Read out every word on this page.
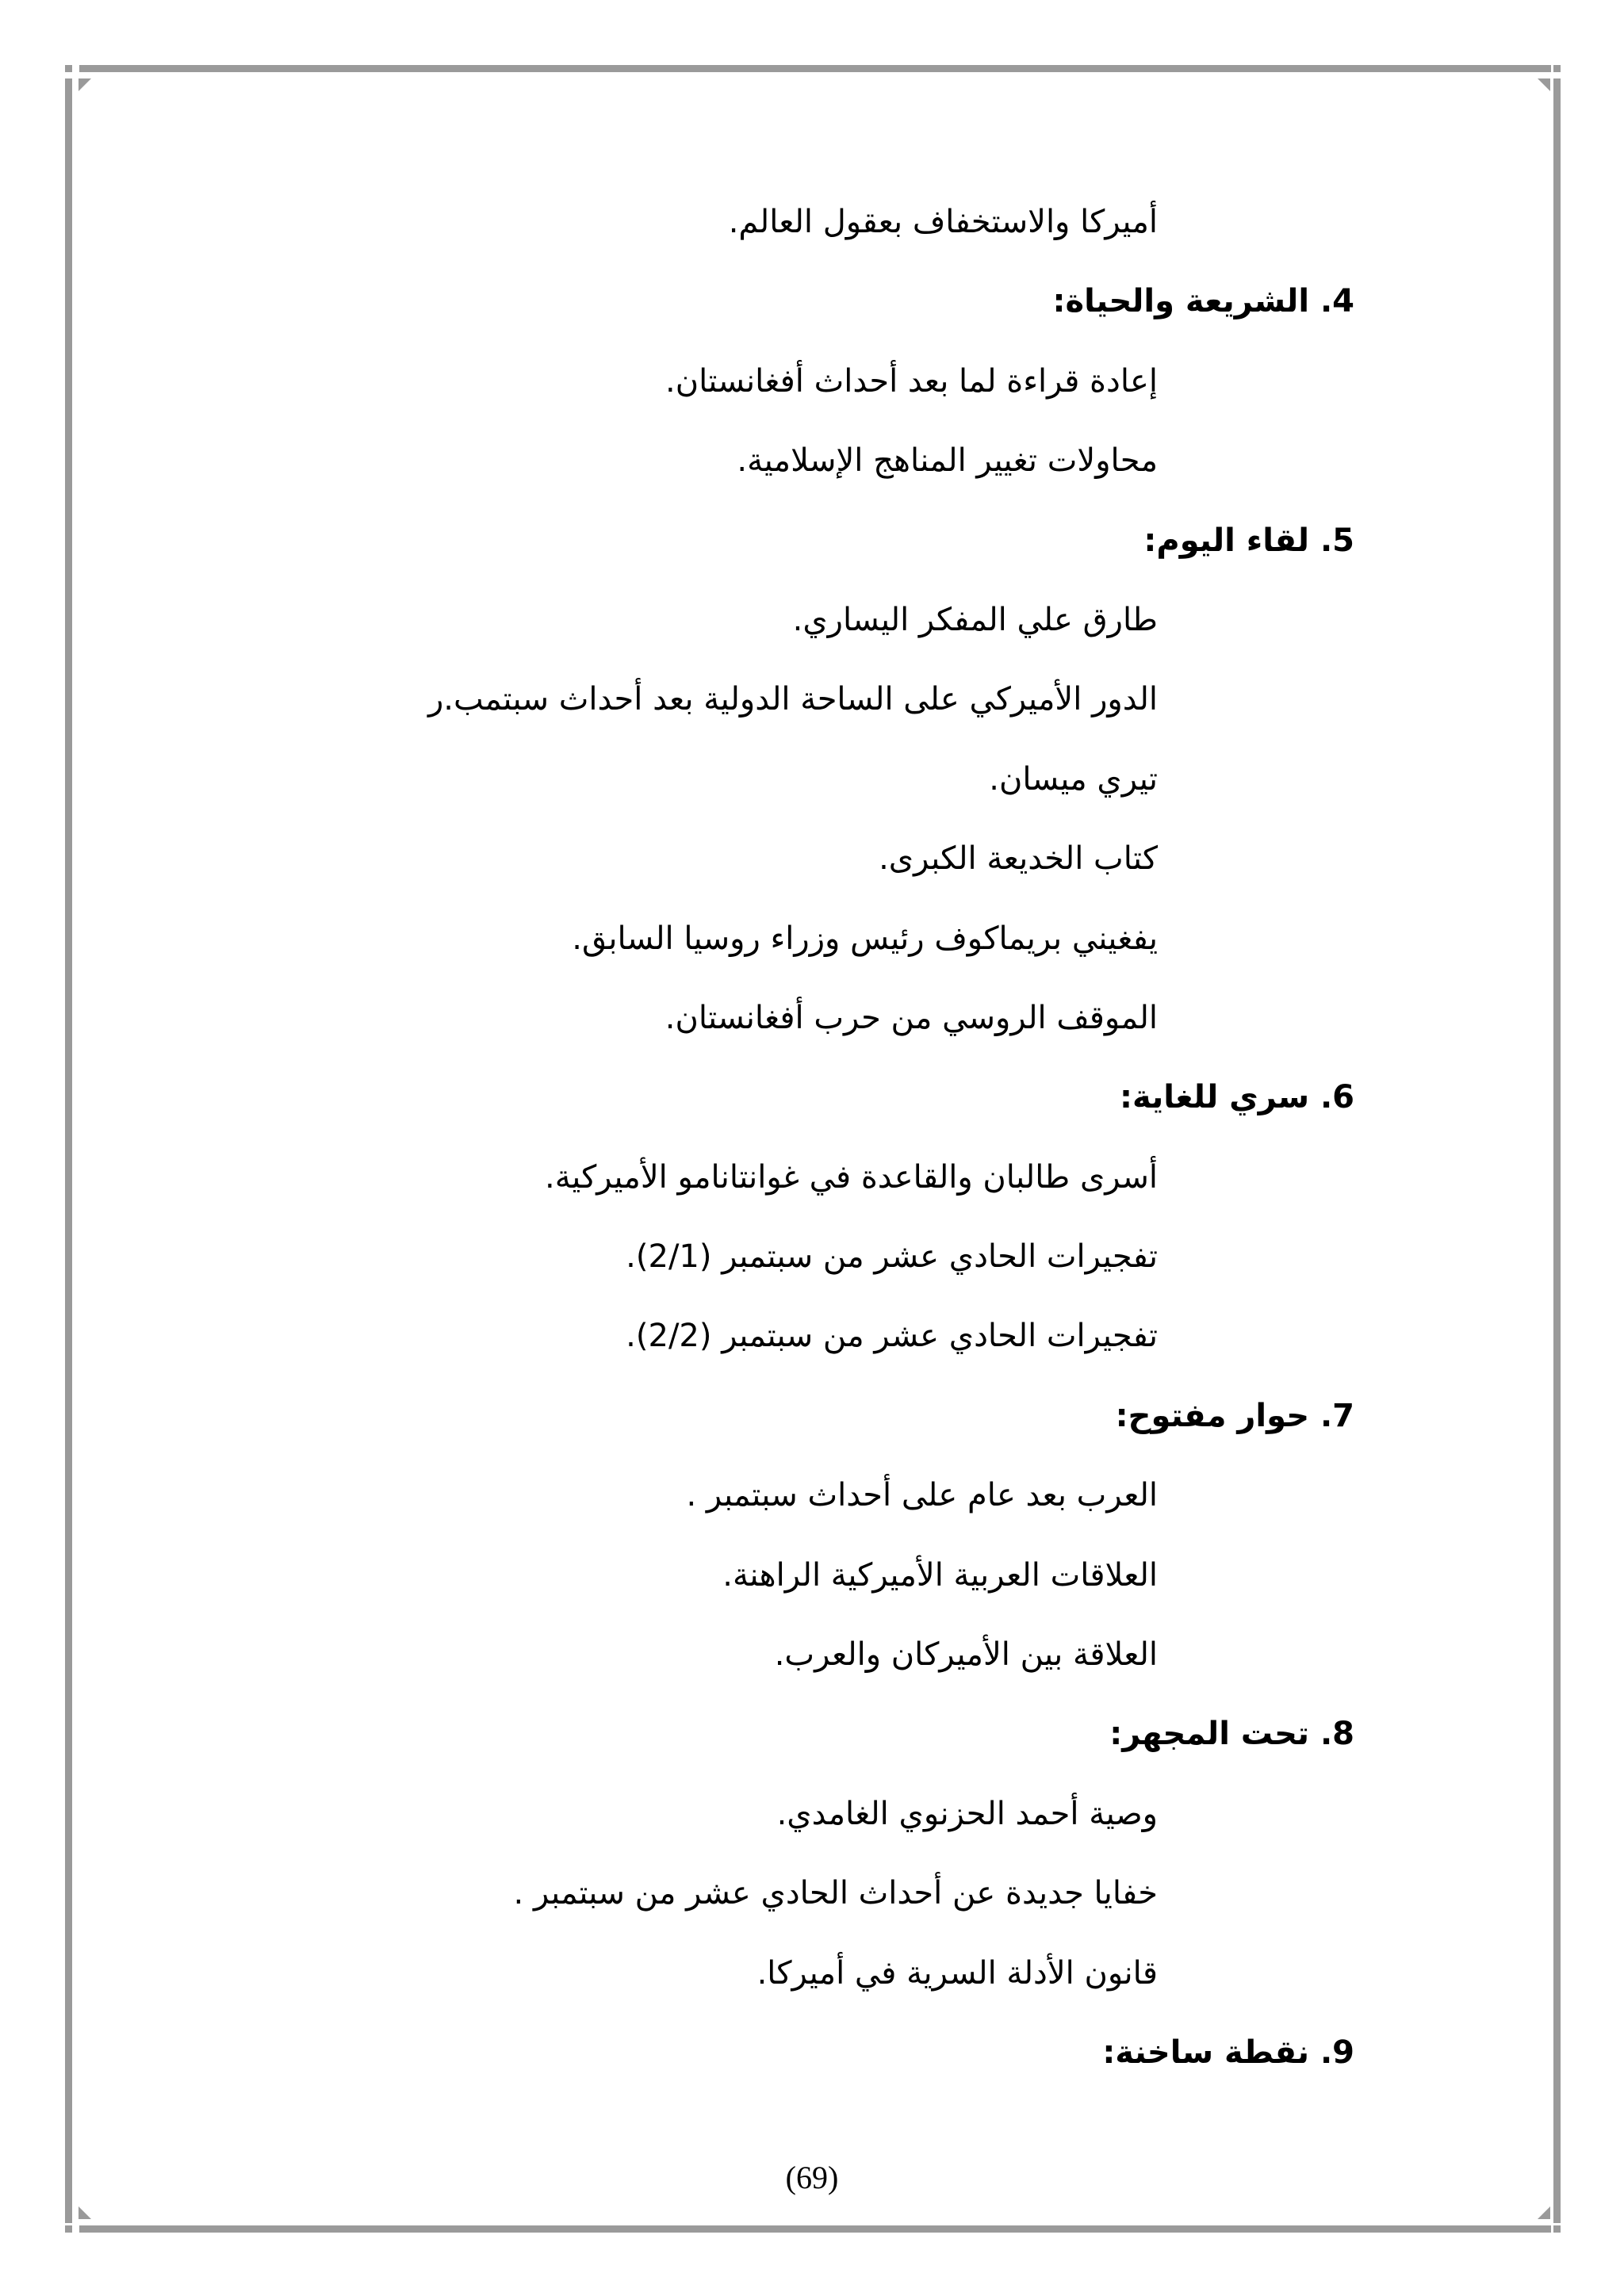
أميركا والاستخفاف بعقول العالم.
4. الشريعة والحياة:
إعادة قراءة لما بعد أحداث أفغانستان.
محاولات تغيير المناهج الإسلامية.
5. لقاء اليوم:
طارق علي المفكر اليساري.
الدور الأميركي على الساحة الدولية بعد أحداث سبتمب.ر
تيري ميسان.
كتاب الخديعة الكبرى.
يفغيني بريماكوف رئيس وزراء روسيا السابق.
الموقف الروسي من حرب أفغانستان.
6. سري للغاية:
أسرى طالبان والقاعدة في غوانتانامو الأميركية.
تفجيرات الحادي عشر من سبتمبر (2/1).
تفجيرات الحادي عشر من سبتمبر (2/2).
7. حوار مفتوح:
العرب بعد عام على أحداث سبتمبر .
العلاقات العربية الأميركية الراهنة.
العلاقة بين الأميركان والعرب.
8. تحت المجهر:
وصية أحمد الحزنوي الغامدي.
خفايا جديدة عن أحداث الحادي عشر من سبتمبر .
قانون الأدلة السرية في أميركا.
9. نقطة ساخنة:
(69)
